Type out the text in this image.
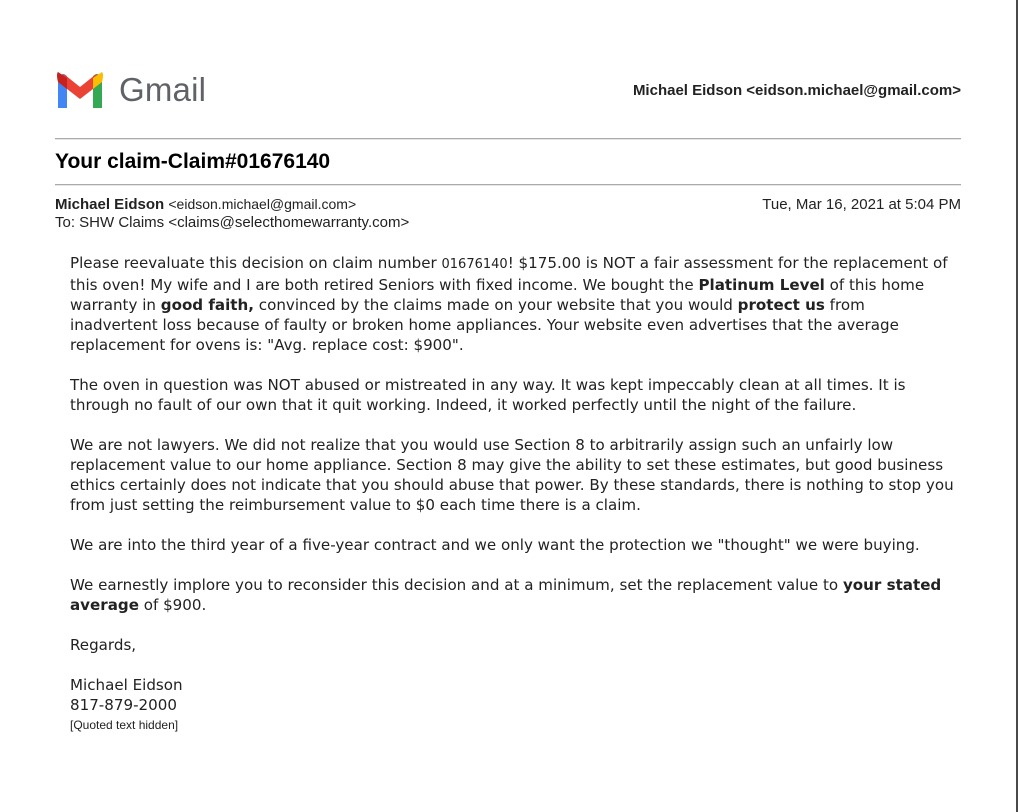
Gmail	Michael Eidson <eidson.michael@gmail.com>
Your claim-Claim#01676140
Michael Eidson <eidson.michael@gmail.com>	Tue, Mar 16, 2021 at 5:04 PM
To: SHW Claims <claims@selecthomewarranty.com>

Please reevaluate this decision on claim number 01676140! $175.00 is NOT a fair assessment for the replacement of this oven! My wife and I are both retired Seniors with fixed income. We bought the Platinum Level of this home warranty in good faith, convinced by the claims made on your website that you would protect us from inadvertent loss because of faulty or broken home appliances. Your website even advertises that the average replacement for ovens is: "Avg. replace cost: $900".

The oven in question was NOT abused or mistreated in any way. It was kept impeccably clean at all times. It is through no fault of our own that it quit working. Indeed, it worked perfectly until the night of the failure.

We are not lawyers. We did not realize that you would use Section 8 to arbitrarily assign such an unfairly low replacement value to our home appliance. Section 8 may give the ability to set these estimates, but good business ethics certainly does not indicate that you should abuse that power. By these standards, there is nothing to stop you from just setting the reimbursement value to $0 each time there is a claim.

We are into the third year of a five-year contract and we only want the protection we "thought" we were buying.

We earnestly implore you to reconsider this decision and at a minimum, set the replacement value to your stated average of $900.

Regards,

Michael Eidson
817-879-2000
[Quoted text hidden]
